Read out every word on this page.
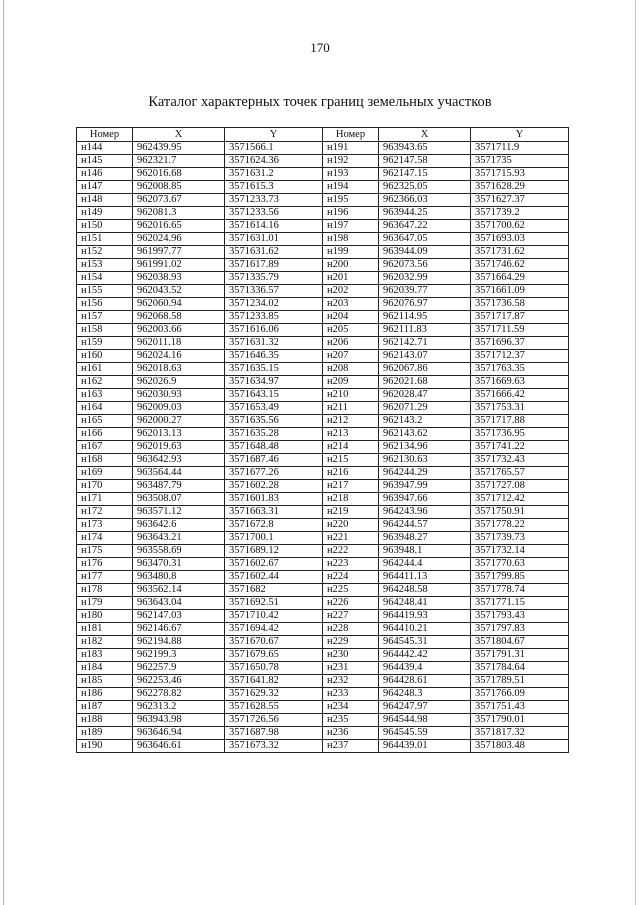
170
Каталог характерных точек границ земельных участков
Номер	X	Y	Номер	X	Y
н144	962439.95	3571566.1	н191	963943.65	3571711.9
н145	962321.7	3571624.36	н192	962147.58	3571735
н146	962016.68	3571631.2	н193	962147.15	3571715.93
н147	962008.85	3571615.3	н194	962325.05	3571628.29
н148	962073.67	3571233.73	н195	962366.03	3571627.37
н149	962081.3	3571233.56	н196	963944.25	3571739.2
н150	962016.65	3571614.16	н197	963647.22	3571700.62
н151	962024.96	3571631.01	н198	963647.05	3571693.03
н152	961997.77	3571631.62	н199	963944.09	3571731.62
н153	961991.02	3571617.89	н200	962073.56	3571746.62
н154	962038.93	3571335.79	н201	962032.99	3571664.29
н155	962043.52	3571336.57	н202	962039.77	3571661.09
н156	962060.94	3571234.02	н203	962076.97	3571736.58
н157	962068.58	3571233.85	н204	962114.95	3571717.87
н158	962003.66	3571616.06	н205	962111.83	3571711.59
н159	962011.18	3571631.32	н206	962142.71	3571696.37
н160	962024.16	3571646.35	н207	962143.07	3571712.37
н161	962018.63	3571635.15	н208	962067.86	3571763.35
н162	962026.9	3571634.97	н209	962021.68	3571669.63
н163	962030.93	3571643.15	н210	962028.47	3571666.42
н164	962009.03	3571653.49	н211	962071.29	3571753.31
н165	962000.27	3571635.56	н212	962143.2	3571717.88
н166	962013.13	3571635.28	н213	962143.62	3571736.95
н167	962019.63	3571648.48	н214	962134.96	3571741.22
н168	963642.93	3571687.46	н215	962130.63	3571732.43
н169	963564.44	3571677.26	н216	964244.29	3571765.57
н170	963487.79	3571602.28	н217	963947.99	3571727.08
н171	963508.07	3571601.83	н218	963947.66	3571712.42
н172	963571.12	3571663.31	н219	964243.96	3571750.91
н173	963642.6	3571672.8	н220	964244.57	3571778.22
н174	963643.21	3571700.1	н221	963948.27	3571739.73
н175	963558.69	3571689.12	н222	963948.1	3571732.14
н176	963470.31	3571602.67	н223	964244.4	3571770.63
н177	963480.8	3571602.44	н224	964411.13	3571799.85
н178	963562.14	3571682	н225	964248.58	3571778.74
н179	963643.04	3571692.51	н226	964248.41	3571771.15
н180	962147.03	3571710.42	н227	964419.93	3571793.43
н181	962146.67	3571694.42	н228	964410.21	3571797.83
н182	962194.88	3571670.67	н229	964545.31	3571804.67
н183	962199.3	3571679.65	н230	964442.42	3571791.31
н184	962257.9	3571650.78	н231	964439.4	3571784.64
н185	962253.46	3571641.82	н232	964428.61	3571789.51
н186	962278.82	3571629.32	н233	964248.3	3571766.09
н187	962313.2	3571628.55	н234	964247.97	3571751.43
н188	963943.98	3571726.56	н235	964544.98	3571790.01
н189	963646.94	3571687.98	н236	964545.59	3571817.32
н190	963646.61	3571673.32	н237	964439.01	3571803.48
